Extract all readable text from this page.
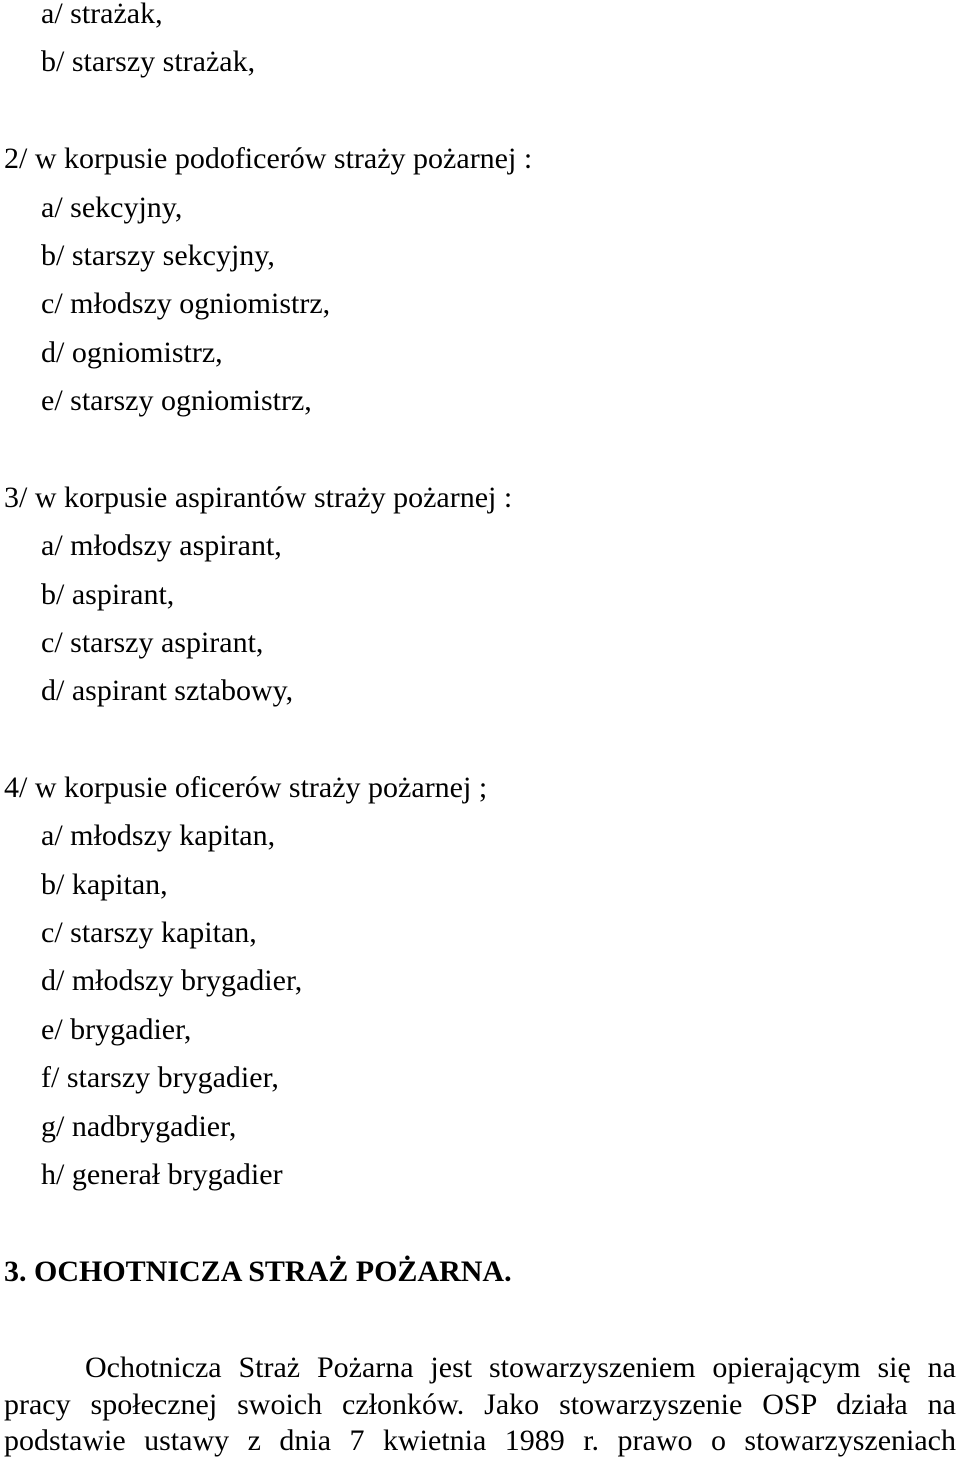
a/ strażak,
b/ starszy strażak,
2/ w korpusie podoficerów straży pożarnej :
a/ sekcyjny,
b/ starszy sekcyjny,
c/ młodszy ogniomistrz,
d/ ogniomistrz,
e/ starszy ogniomistrz,
3/ w korpusie aspirantów straży pożarnej :
a/ młodszy aspirant,
b/ aspirant,
c/ starszy aspirant,
d/ aspirant sztabowy,
4/ w korpusie oficerów straży pożarnej ;
a/ młodszy kapitan,
b/ kapitan,
c/ starszy kapitan,
d/ młodszy brygadier,
e/ brygadier,
f/ starszy brygadier,
g/ nadbrygadier,
h/ generał brygadier
3. OCHOTNICZA STRAŻ POŻARNA.
Ochotnicza Straż Pożarna jest stowarzyszeniem opierającym się na
pracy społecznej swoich członków. Jako stowarzyszenie OSP działa na
podstawie ustawy z dnia 7 kwietnia 1989 r. prawo o stowarzyszeniach
